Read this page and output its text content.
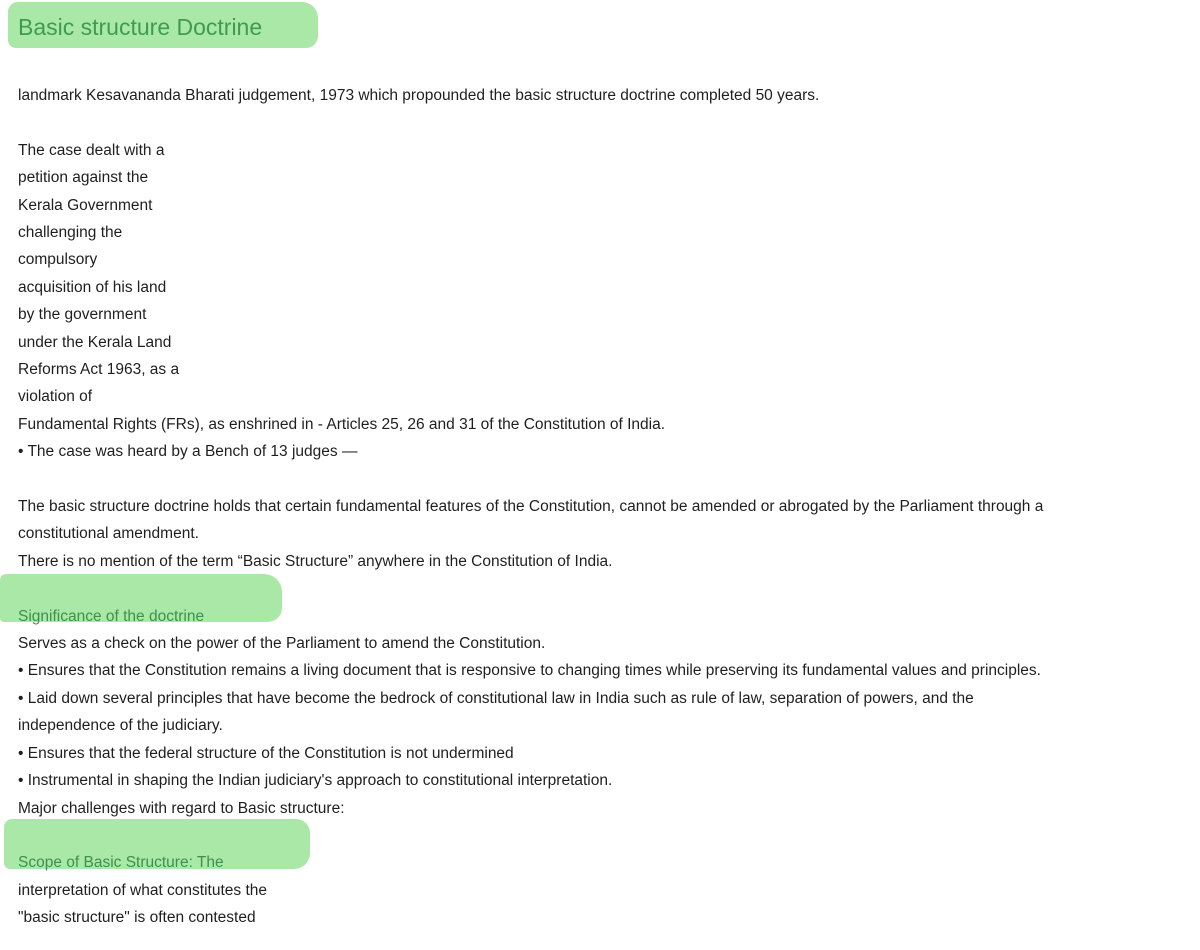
Basic structure Doctrine

landmark Kesavananda Bharati judgement, 1973 which propounded the basic structure doctrine completed 50 years.

The case dealt with a

petition against the

Kerala Government

challenging the

compulsory

acquisition of his land

by the government

under the Kerala Land

Reforms Act 1963, as a

violation of

Fundamental Rights (FRs), as enshrined in - Articles 25, 26 and 31 of the Constitution of India.

• The case was heard by a Bench of 13 judges —

The basic structure doctrine holds that certain fundamental features of the Constitution, cannot be amended or abrogated by the Parliament through a

constitutional amendment.

There is no mention of the term “Basic Structure” anywhere in the Constitution of India.

Significance of the doctrine

Serves as a check on the power of the Parliament to amend the Constitution.

• Ensures that the Constitution remains a living document that is responsive to changing times while preserving its fundamental values and principles.

• Laid down several principles that have become the bedrock of constitutional law in India such as rule of law, separation of powers, and the

independence of the judiciary.

• Ensures that the federal structure of the Constitution is not undermined

• Instrumental in shaping the Indian judiciary's approach to constitutional interpretation.

Major challenges with regard to Basic structure:

Scope of Basic Structure: The

interpretation of what constitutes the

"basic structure" is often contested
